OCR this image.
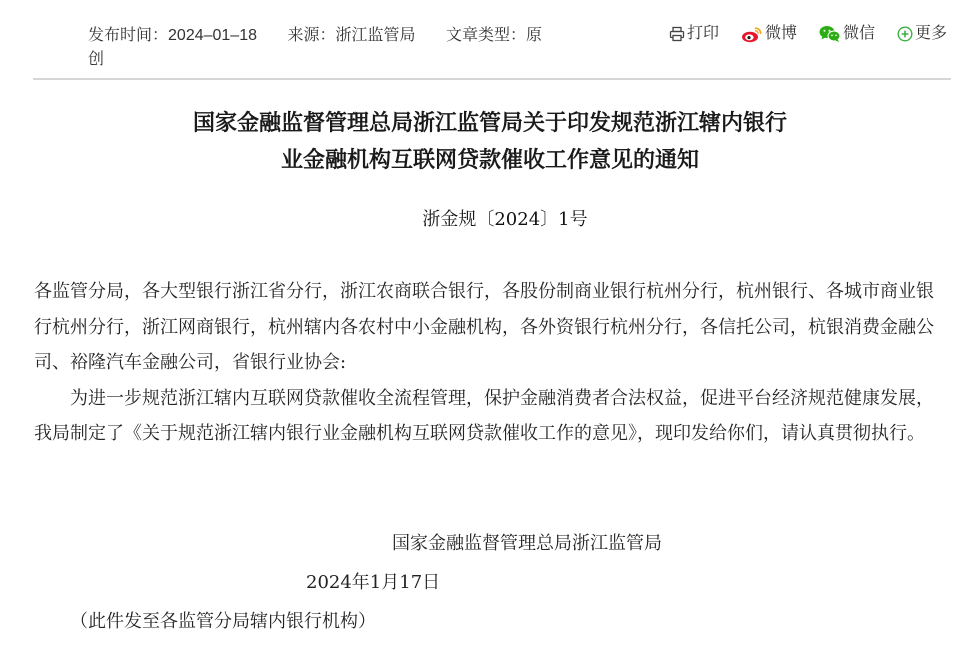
发布时间：2024–01–18 来源：浙江监管局 文章类型：原创
打印	微博	微信	更多
国家金融监督管理总局浙江监管局关于印发规范浙江辖内银行
业金融机构互联网贷款催收工作意见的通知
浙金规〔2024〕1号

各监管分局，各大型银行浙江省分行，浙江农商联合银行，各股份制商业银行杭州分行，杭州银行、各城市商业银行杭州分行，浙江网商银行，杭州辖内各农村中小金融机构，各外资银行杭州分行，各信托公司，杭银消费金融公司、裕隆汽车金融公司，省银行业协会:

为进一步规范浙江辖内互联网贷款催收全流程管理，保护金融消费者合法权益，促进平台经济规范健康发展，我局制定了《关于规范浙江辖内银行业金融机构互联网贷款催收工作的意见》，现印发给你们，请认真贯彻执行。

国家金融监督管理总局浙江监管局
2024年1月17日
（此件发至各监管分局辖内银行机构）
